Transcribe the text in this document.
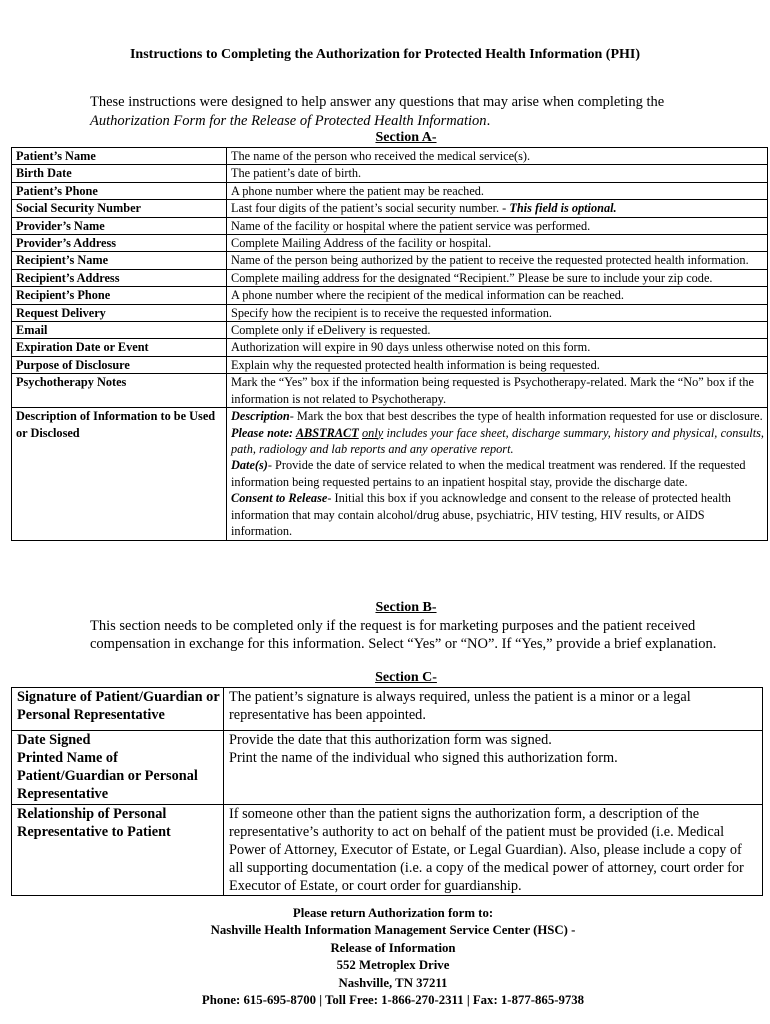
Instructions to Completing the Authorization for Protected Health Information (PHI)
These instructions were designed to help answer any questions that may arise when completing the
Authorization Form for the Release of Protected Health Information.
Section A-
Patient’s Name	The name of the person who received the medical service(s).
Birth Date	The patient’s date of birth.
Patient’s Phone	A phone number where the patient may be reached.
Social Security Number	Last four digits of the patient’s social security number. - This field is optional.
Provider’s Name	Name of the facility or hospital where the patient service was performed.
Provider’s Address	Complete Mailing Address of the facility or hospital.
Recipient’s Name	Name of the person being authorized by the patient to receive the requested protected health information.
Recipient’s Address	Complete mailing address for the designated “Recipient.” Please be sure to include your zip code.
Recipient’s Phone	A phone number where the recipient of the medical information can be reached.
Request Delivery	Specify how the recipient is to receive the requested information.
Email	Complete only if eDelivery is requested.
Expiration Date or Event	Authorization will expire in 90 days unless otherwise noted on this form.
Purpose of Disclosure	Explain why the requested protected health information is being requested.
Psychotherapy Notes	Mark the “Yes” box if the information being requested is Psychotherapy-related. Mark the “No” box if the information is not related to Psychotherapy.
Description of Information to be Used or Disclosed	Description- Mark the box that best describes the type of health information requested for use or disclosure.
Please note: ABSTRACT only includes your face sheet, discharge summary, history and physical, consults, path, radiology and lab reports and any operative report.
Date(s)- Provide the date of service related to when the medical treatment was rendered. If the requested information being requested pertains to an inpatient hospital stay, provide the discharge date.
Consent to Release- Initial this box if you acknowledge and consent to the release of protected health information that may contain alcohol/drug abuse, psychiatric, HIV testing, HIV results, or AIDS information.
Section B-
This section needs to be completed only if the request is for marketing purposes and the patient received compensation in exchange for this information. Select “Yes” or “NO”. If “Yes,” provide a brief explanation.
Section C-
Signature of Patient/Guardian or Personal Representative	The patient’s signature is always required, unless the patient is a minor or a legal representative has been appointed.
Date Signed	Provide the date that this authorization form was signed.
Printed Name of Patient/Guardian or Personal Representative	Print the name of the individual who signed this authorization form.
Relationship of Personal Representative to Patient	If someone other than the patient signs the authorization form, a description of the representative’s authority to act on behalf of the patient must be provided (i.e. Medical Power of Attorney, Executor of Estate, or Legal Guardian). Also, please include a copy of all supporting documentation (i.e. a copy of the medical power of attorney, court order for Executor of Estate, or court order for guardianship.
Please return Authorization form to:
Nashville Health Information Management Service Center (HSC) -
Release of Information
552 Metroplex Drive
Nashville, TN 37211
Phone: 615-695-8700 | Toll Free: 1-866-270-2311 | Fax: 1-877-865-9738
